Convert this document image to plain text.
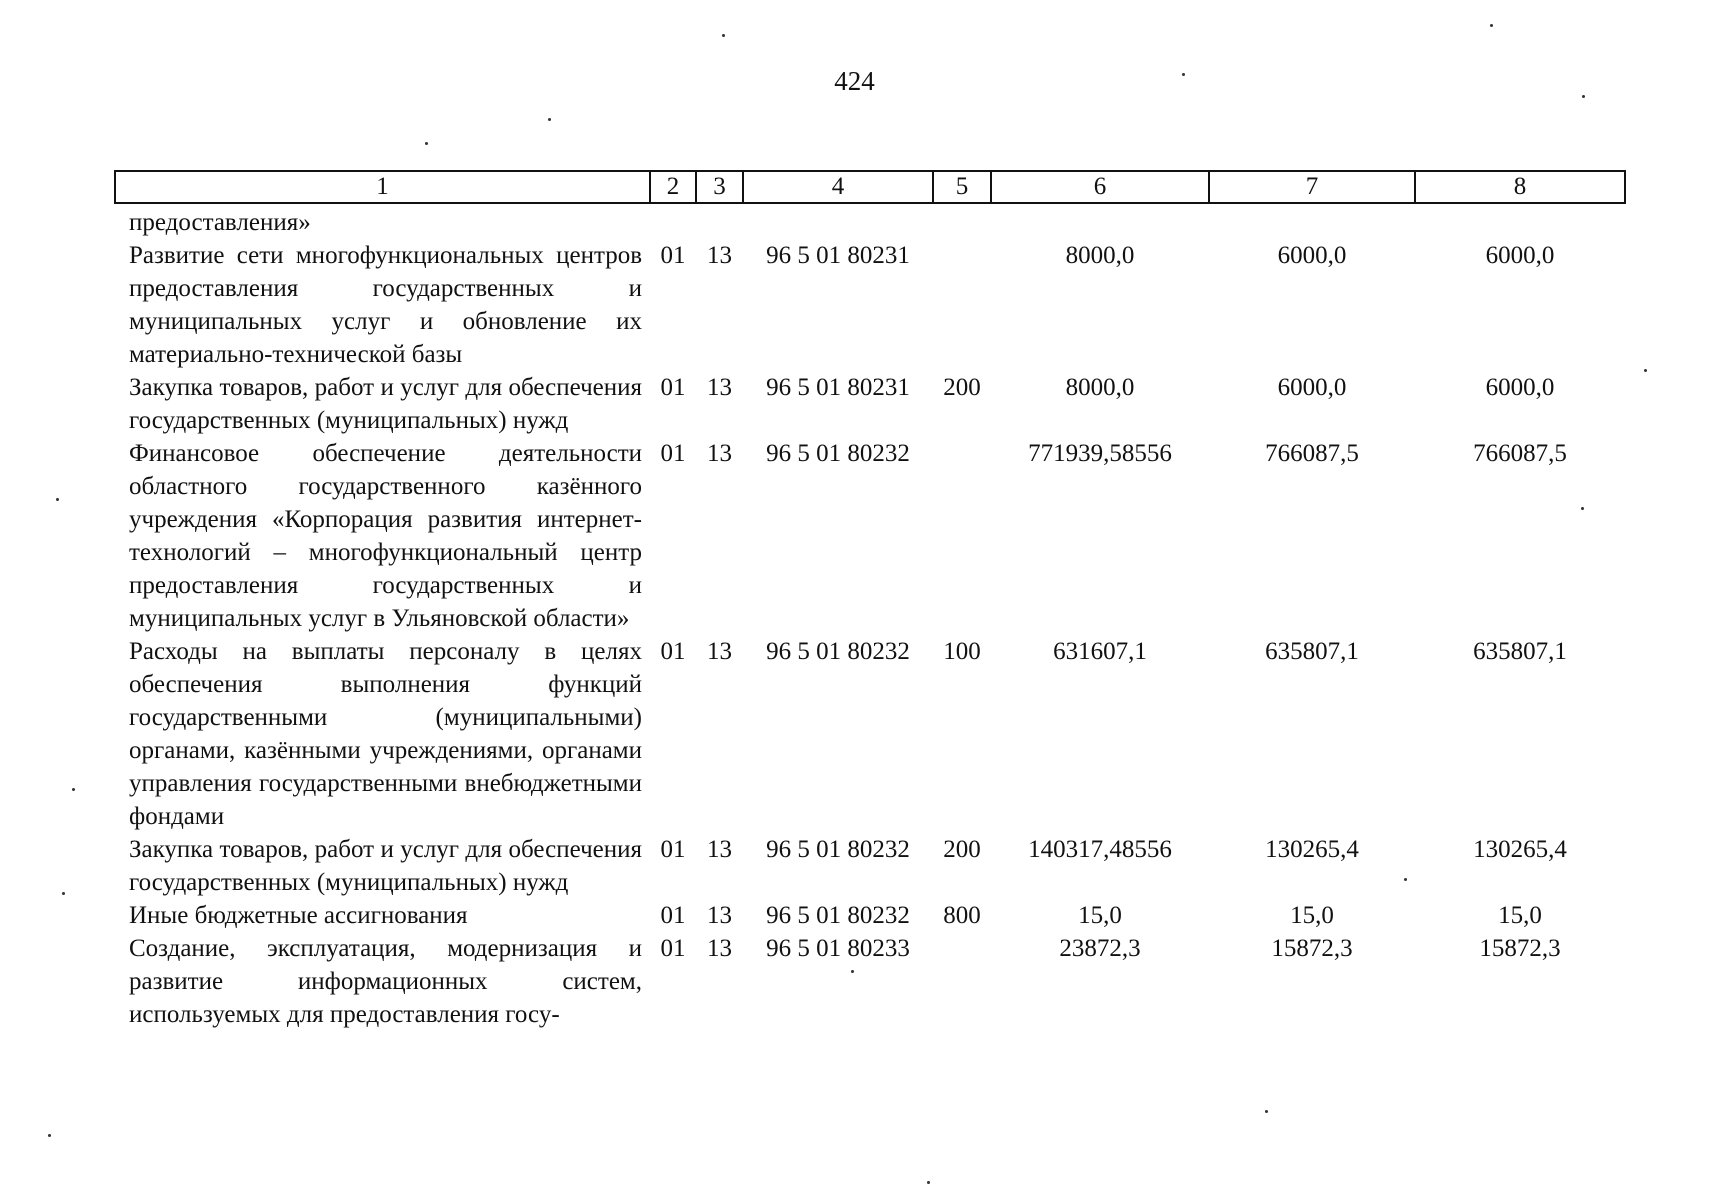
424
1	2	3	4	5	6	7	8
предоставления»							
Развитие сети многофункциональных центров предоставления государственных и муниципальных услуг и обновление их материально-технической базы	01	13	96 5 01 80231		8000,0	6000,0	6000,0
Закупка товаров, работ и услуг для обеспечения государственных (муниципальных) нужд	01	13	96 5 01 80231	200	8000,0	6000,0	6000,0
Финансовое обеспечение деятельности областного государственного казённого учреждения «Корпорация развития интернет-технологий – многофункциональный центр предоставления государственных и муниципальных услуг в Ульяновской области»	01	13	96 5 01 80232		771939,58556	766087,5	766087,5
Расходы на выплаты персоналу в целях обеспечения выполнения функций государственными (муниципальными) органами, казёнными учреждениями, органами управления государственными внебюджетными фондами	01	13	96 5 01 80232	100	631607,1	635807,1	635807,1
Закупка товаров, работ и услуг для обеспечения государственных (муниципальных) нужд	01	13	96 5 01 80232	200	140317,48556	130265,4	130265,4
Иные бюджетные ассигнования	01	13	96 5 01 80232	800	15,0	15,0	15,0
Создание, эксплуатация, модернизация и развитие информационных систем, используемых для предоставления госу-	01	13	96 5 01 80233		23872,3	15872,3	15872,3
